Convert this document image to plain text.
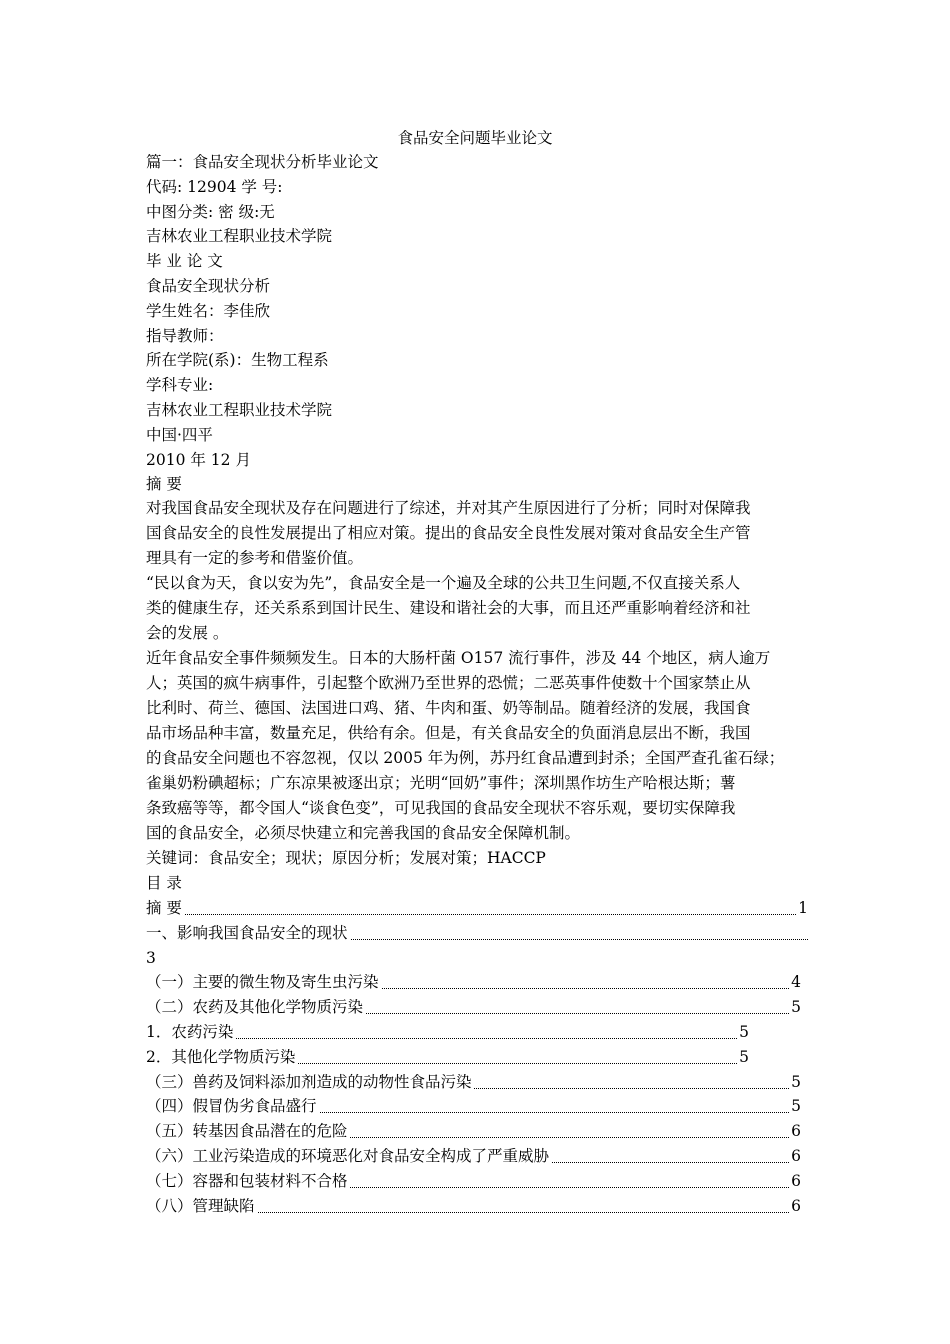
食品安全问题毕业论文
篇一：食品安全现状分析毕业论文
代码: 12904 学 号:
中图分类: 密 级:无
吉林农业工程职业技术学院
毕 业 论 文
食品安全现状分析
学生姓名：李佳欣
指导教师：
所在学院(系)：生物工程系
学科专业:
吉林农业工程职业技术学院
中国·四平
2010 年 12 月
摘 要
对我国食品安全现状及存在问题进行了综述，并对其产生原因进行了分析；同时对保障我
国食品安全的良性发展提出了相应对策。提出的食品安全良性发展对策对食品安全生产管
理具有一定的参考和借鉴价值。
“民以食为天，食以安为先”，食品安全是一个遍及全球的公共卫生问题,不仅直接关系人
类的健康生存，还关系系到国计民生、建设和谐社会的大事，而且还严重影响着经济和社
会的发展 。
近年食品安全事件频频发生。日本的大肠杆菌 O157 流行事件，涉及 44 个地区，病人逾万
人；英国的疯牛病事件，引起整个欧洲乃至世界的恐慌；二恶英事件使数十个国家禁止从
比利时、荷兰、德国、法国进口鸡、猪、牛肉和蛋、奶等制品。随着经济的发展，我国食
品市场品种丰富，数量充足，供给有余。但是，有关食品安全的负面消息层出不断，我国
的食品安全问题也不容忽视，仅以 2005 年为例，苏丹红食品遭到封杀；全国严查孔雀石绿；
雀巢奶粉碘超标；广东凉果被逐出京；光明“回奶”事件；深圳黑作坊生产哈根达斯；薯
条致癌等等，都令国人“谈食色变”，可见我国的食品安全现状不容乐观，要切实保障我
国的食品安全，必须尽快建立和完善我国的食品安全保障机制。
关键词：食品安全；现状；原因分析；发展对策；HACCP
目 录
摘 要	1
一、影响我国食品安全的现状
3
（一）主要的微生物及寄生虫污染	4
（二）农药及其他化学物质污染	5
1．农药污染	5
2．其他化学物质污染	5
（三）兽药及饲料添加剂造成的动物性食品污染	5
（四）假冒伪劣食品盛行	5
（五）转基因食品潜在的危险	6
（六）工业污染造成的环境恶化对食品安全构成了严重威胁	6
（七）容器和包装材料不合格	6
（八）管理缺陷	6
